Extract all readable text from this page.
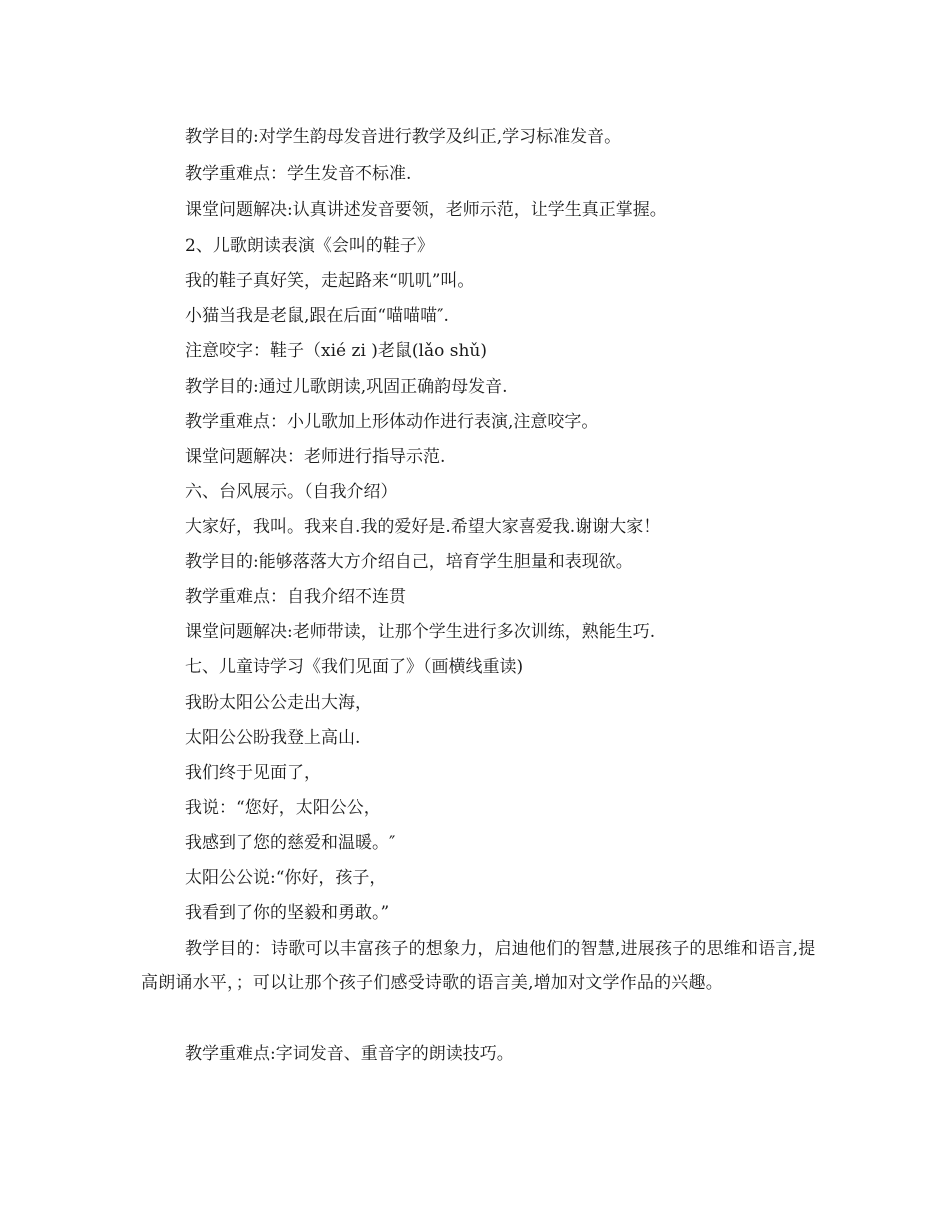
教学目的:对学生韵母发音进行教学及纠正,学习标准发音。
教学重难点：学生发音不标准.
课堂问题解决:认真讲述发音要领，老师示范，让学生真正掌握。
2、儿歌朗读表演《会叫的鞋子》
我的鞋子真好笑，走起路来“叽叽”叫。
小猫当我是老鼠,跟在后面“喵喵喵″.
注意咬字：鞋子（xié zi )老鼠(lǎo shǔ)
教学目的:通过儿歌朗读,巩固正确韵母发音.
教学重难点：小儿歌加上形体动作进行表演,注意咬字。
课堂问题解决：老师进行指导示范.
六、台风展示。（自我介绍）
大家好，我叫。我来自.我的爱好是.希望大家喜爱我.谢谢大家！
教学目的:能够落落大方介绍自己，培育学生胆量和表现欲。
教学重难点：自我介绍不连贯
课堂问题解决:老师带读，让那个学生进行多次训练，熟能生巧.
七、儿童诗学习《我们见面了》（画横线重读)
我盼太阳公公走出大海，
太阳公公盼我登上高山.
我们终于见面了，
我说：“您好，太阳公公，
我感到了您的慈爱和温暖。″
太阳公公说:“你好，孩子，
我看到了你的坚毅和勇敢。”
教学目的：诗歌可以丰富孩子的想象力，启迪他们的智慧,进展孩子的思维和语言,提高朗诵水平，；可以让那个孩子们感受诗歌的语言美,增加对文学作品的兴趣。
教学重难点:字词发音、重音字的朗读技巧。
